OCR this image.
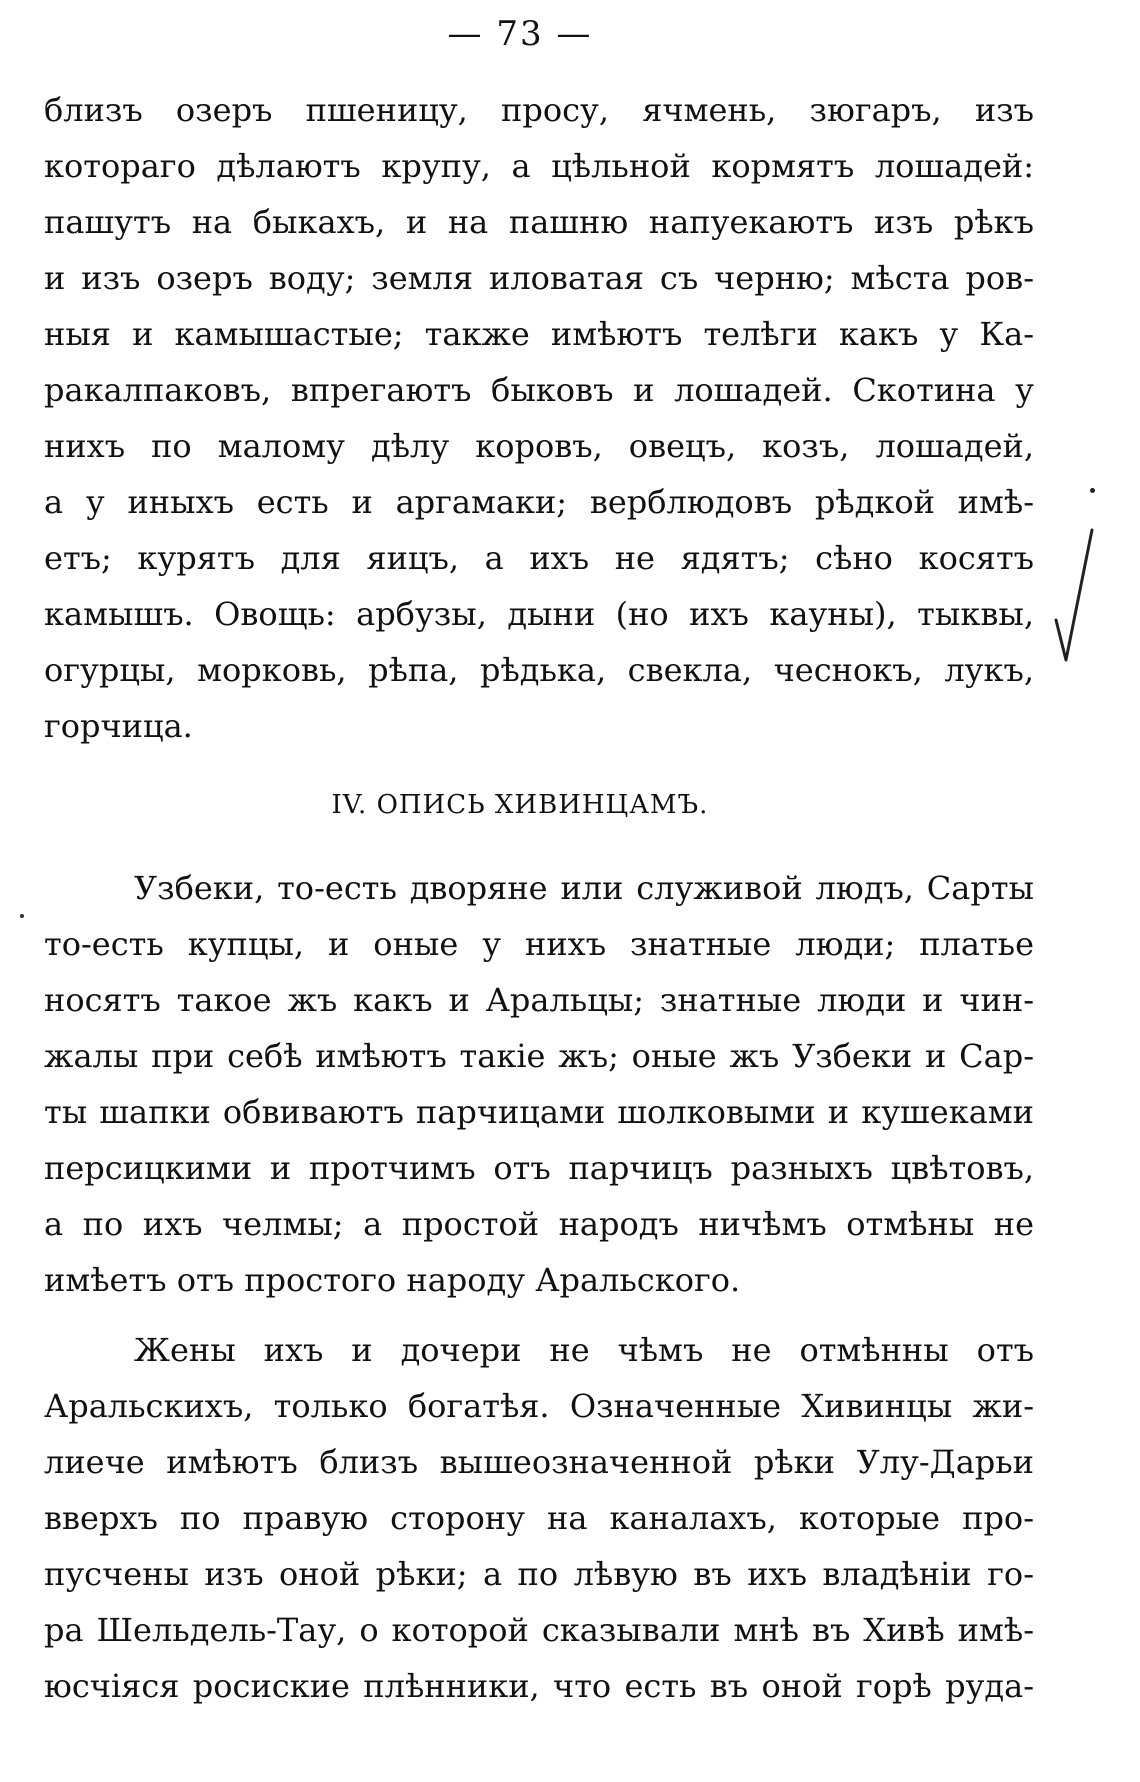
— 73 —
близъ озеръ пшеницу, просу, ячмень, зюгаръ, изъ
котораго дѣлаютъ крупу, а цѣльной кормятъ лошадей:
пашутъ на быкахъ, и на пашню напуекаютъ изъ рѣкъ
и изъ озеръ воду; земля иловатая съ черню; мѣста ров-
ныя и камышастые; также имѣютъ телѣги какъ у Ка-
ракалпаковъ, впрегаютъ быковъ и лошадей. Скотина у
нихъ по малому дѣлу коровъ, овецъ, козъ, лошадей,
а у иныхъ есть и аргамаки; верблюдовъ рѣдкой имѣ-
етъ; курятъ для яицъ, а ихъ не ядятъ; сѣно косятъ
камышъ. Овощь: арбузы, дыни (но ихъ кауны), тыквы,
огурцы, морковь, рѣпа, рѣдька, свекла, чеснокъ, лукъ,
горчица.
IV. ОПИСЬ ХИВИНЦАМЪ.
Узбеки, то-есть дворяне или служивой людъ, Сарты
то-есть купцы, и оные у нихъ знатные люди; платье
носятъ такое жъ какъ и Аральцы; знатные люди и чин-
жалы при себѣ имѣютъ такіе жъ; оные жъ Узбеки и Сар-
ты шапки обвиваютъ парчицами шолковыми и кушеками
персицкими и протчимъ отъ парчицъ разныхъ цвѣтовъ,
а по ихъ челмы; а простой народъ ничѣмъ отмѣны не
имѣетъ отъ простого народу Аральского.
Жены ихъ и дочери не чѣмъ не отмѣнны отъ
Аральскихъ, только богатѣя. Означенные Хивинцы жи-
лиече имѣютъ близъ вышеозначенной рѣки Улу-Дарьи
вверхъ по правую сторону на каналахъ, которые про-
пусчены изъ оной рѣки; а по лѣвую въ ихъ владѣніи го-
ра Шельдель-Тау, о которой сказывали мнѣ въ Хивѣ имѣ-
юсчіяся росиские плѣнники, что есть въ оной горѣ руда-
